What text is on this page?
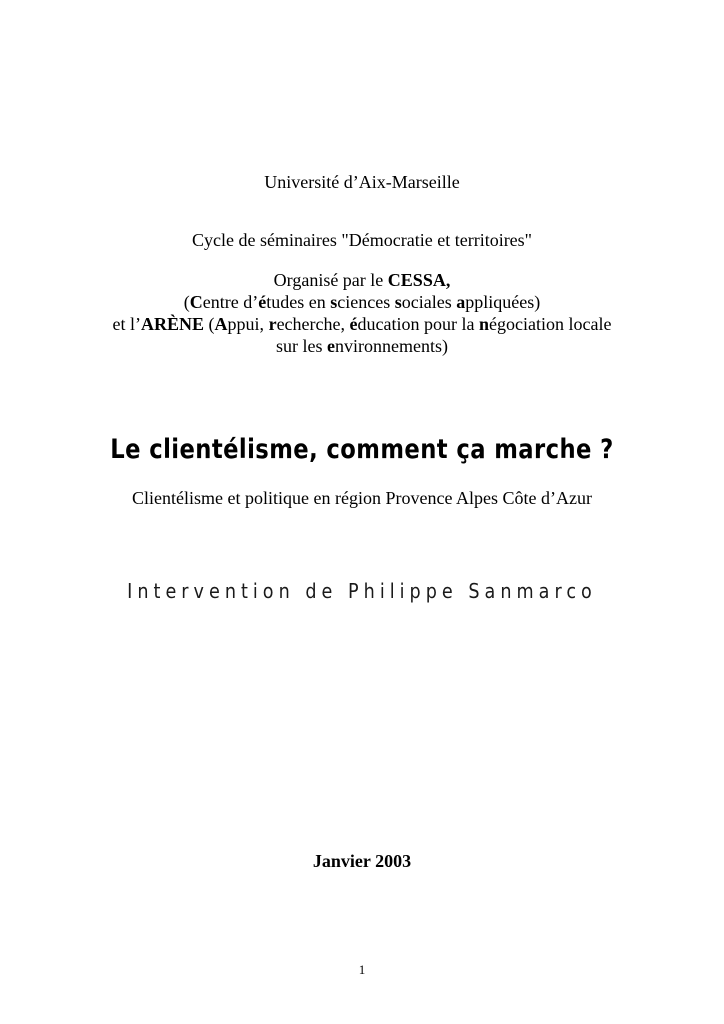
Université d’Aix-Marseille
Cycle de séminaires "Démocratie et territoires"
Organisé par le CESSA,
(Centre d’études en sciences sociales appliquées)
et l’ARÈNE (Appui, recherche, éducation pour la négociation locale
sur les environnements)
Le clientélisme, comment ça marche ?
Clientélisme et politique en région Provence Alpes Côte d’Azur
Intervention de Philippe Sanmarco
Janvier 2003
1
